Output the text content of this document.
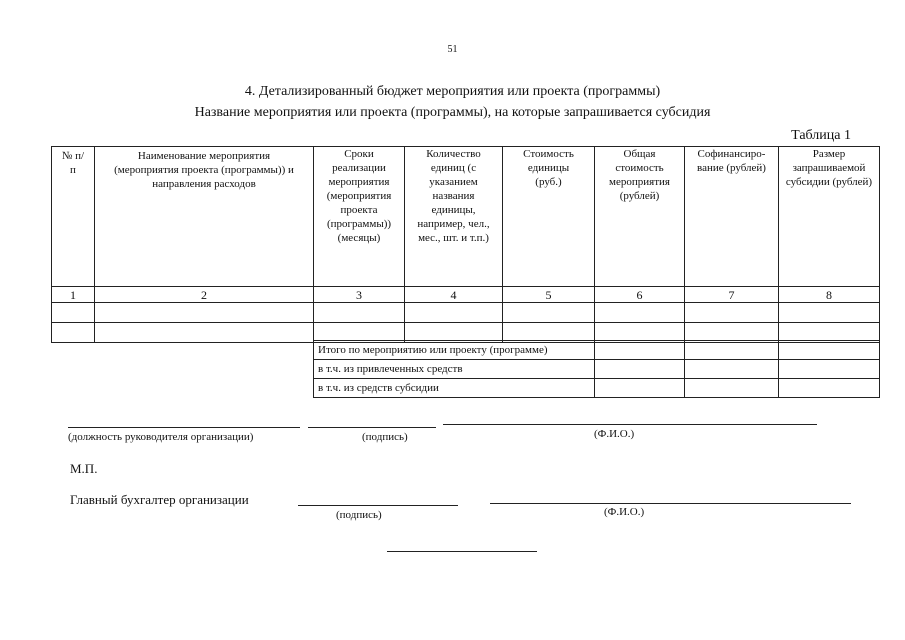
51
4. Детализированный бюджет мероприятия или проекта (программы)
Название мероприятия или проекта (программы), на которые запрашивается субсидия
Таблица 1
№ п/п	Наименование мероприятия (мероприятия проекта (программы)) и направления расходов	Сроки реализации мероприятия (мероприятия проекта (программы)) (месяцы)	Количество единиц (с указанием названия единицы, например, чел., мес., шт. и т.п.)	Стоимость единицы (руб.)	Общая стоимость мероприятия (рублей)	Софинансиро-вание (рублей)	Размер запрашиваемой субсидии (рублей)
1	2	3	4	5	6	7	8

Итого по мероприятию или проекту (программе)			
в т.ч. из привлеченных средств			
в т.ч. из средств субсидии			
(должность руководителя организации)	(подпись)	(Ф.И.О.)
М.П.
Главный бухгалтер организации
(подпись)	(Ф.И.О.)
